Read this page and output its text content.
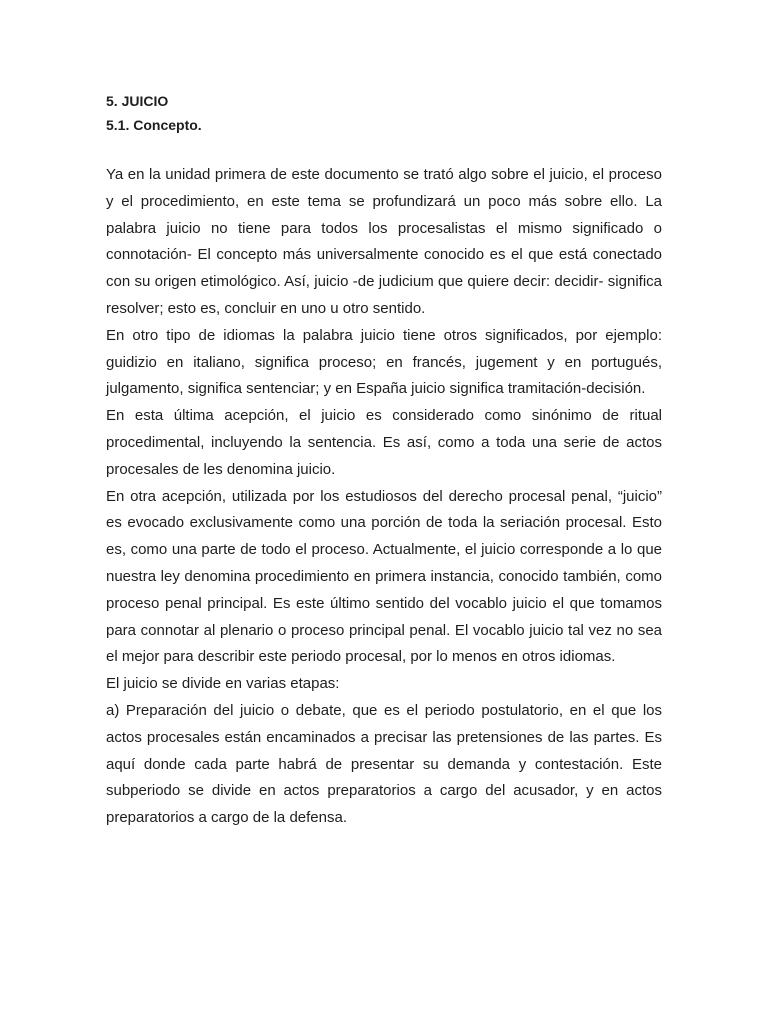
5. JUICIO

5.1. Concepto.

Ya en la unidad primera de este documento se trató algo sobre el juicio, el proceso y el procedimiento, en este tema se profundizará un poco más sobre ello. La palabra juicio no tiene para todos los procesalistas el mismo significado o connotación- El concepto más universalmente conocido es el que está conectado con su origen etimológico. Así, juicio -de judicium que quiere decir: decidir- significa resolver; esto es, concluir en uno u otro sentido.

En otro tipo de idiomas la palabra juicio tiene otros significados, por ejemplo: guidizio en italiano, significa proceso; en francés, jugement y en portugués, julgamento, significa sentenciar; y en España juicio significa tramitación-decisión.

En esta última acepción, el juicio es considerado como sinónimo de ritual procedimental, incluyendo la sentencia. Es así, como a toda una serie de actos procesales de les denomina juicio.

En otra acepción, utilizada por los estudiosos del derecho procesal penal, “juicio” es evocado exclusivamente como una porción de toda la seriación procesal. Esto es, como una parte de todo el proceso. Actualmente, el juicio corresponde a lo que nuestra ley denomina procedimiento en primera instancia, conocido también, como proceso penal principal. Es este último sentido del vocablo juicio el que tomamos para connotar al plenario o proceso principal penal. El vocablo juicio tal vez no sea el mejor para describir este periodo procesal, por lo menos en otros idiomas.

El juicio se divide en varias etapas:

a) Preparación del juicio o debate, que es el periodo postulatorio, en el que los actos procesales están encaminados a precisar las pretensiones de las partes. Es aquí donde cada parte habrá de presentar su demanda y contestación. Este subperiodo se divide en actos preparatorios a cargo del acusador, y en actos preparatorios a cargo de la defensa.
